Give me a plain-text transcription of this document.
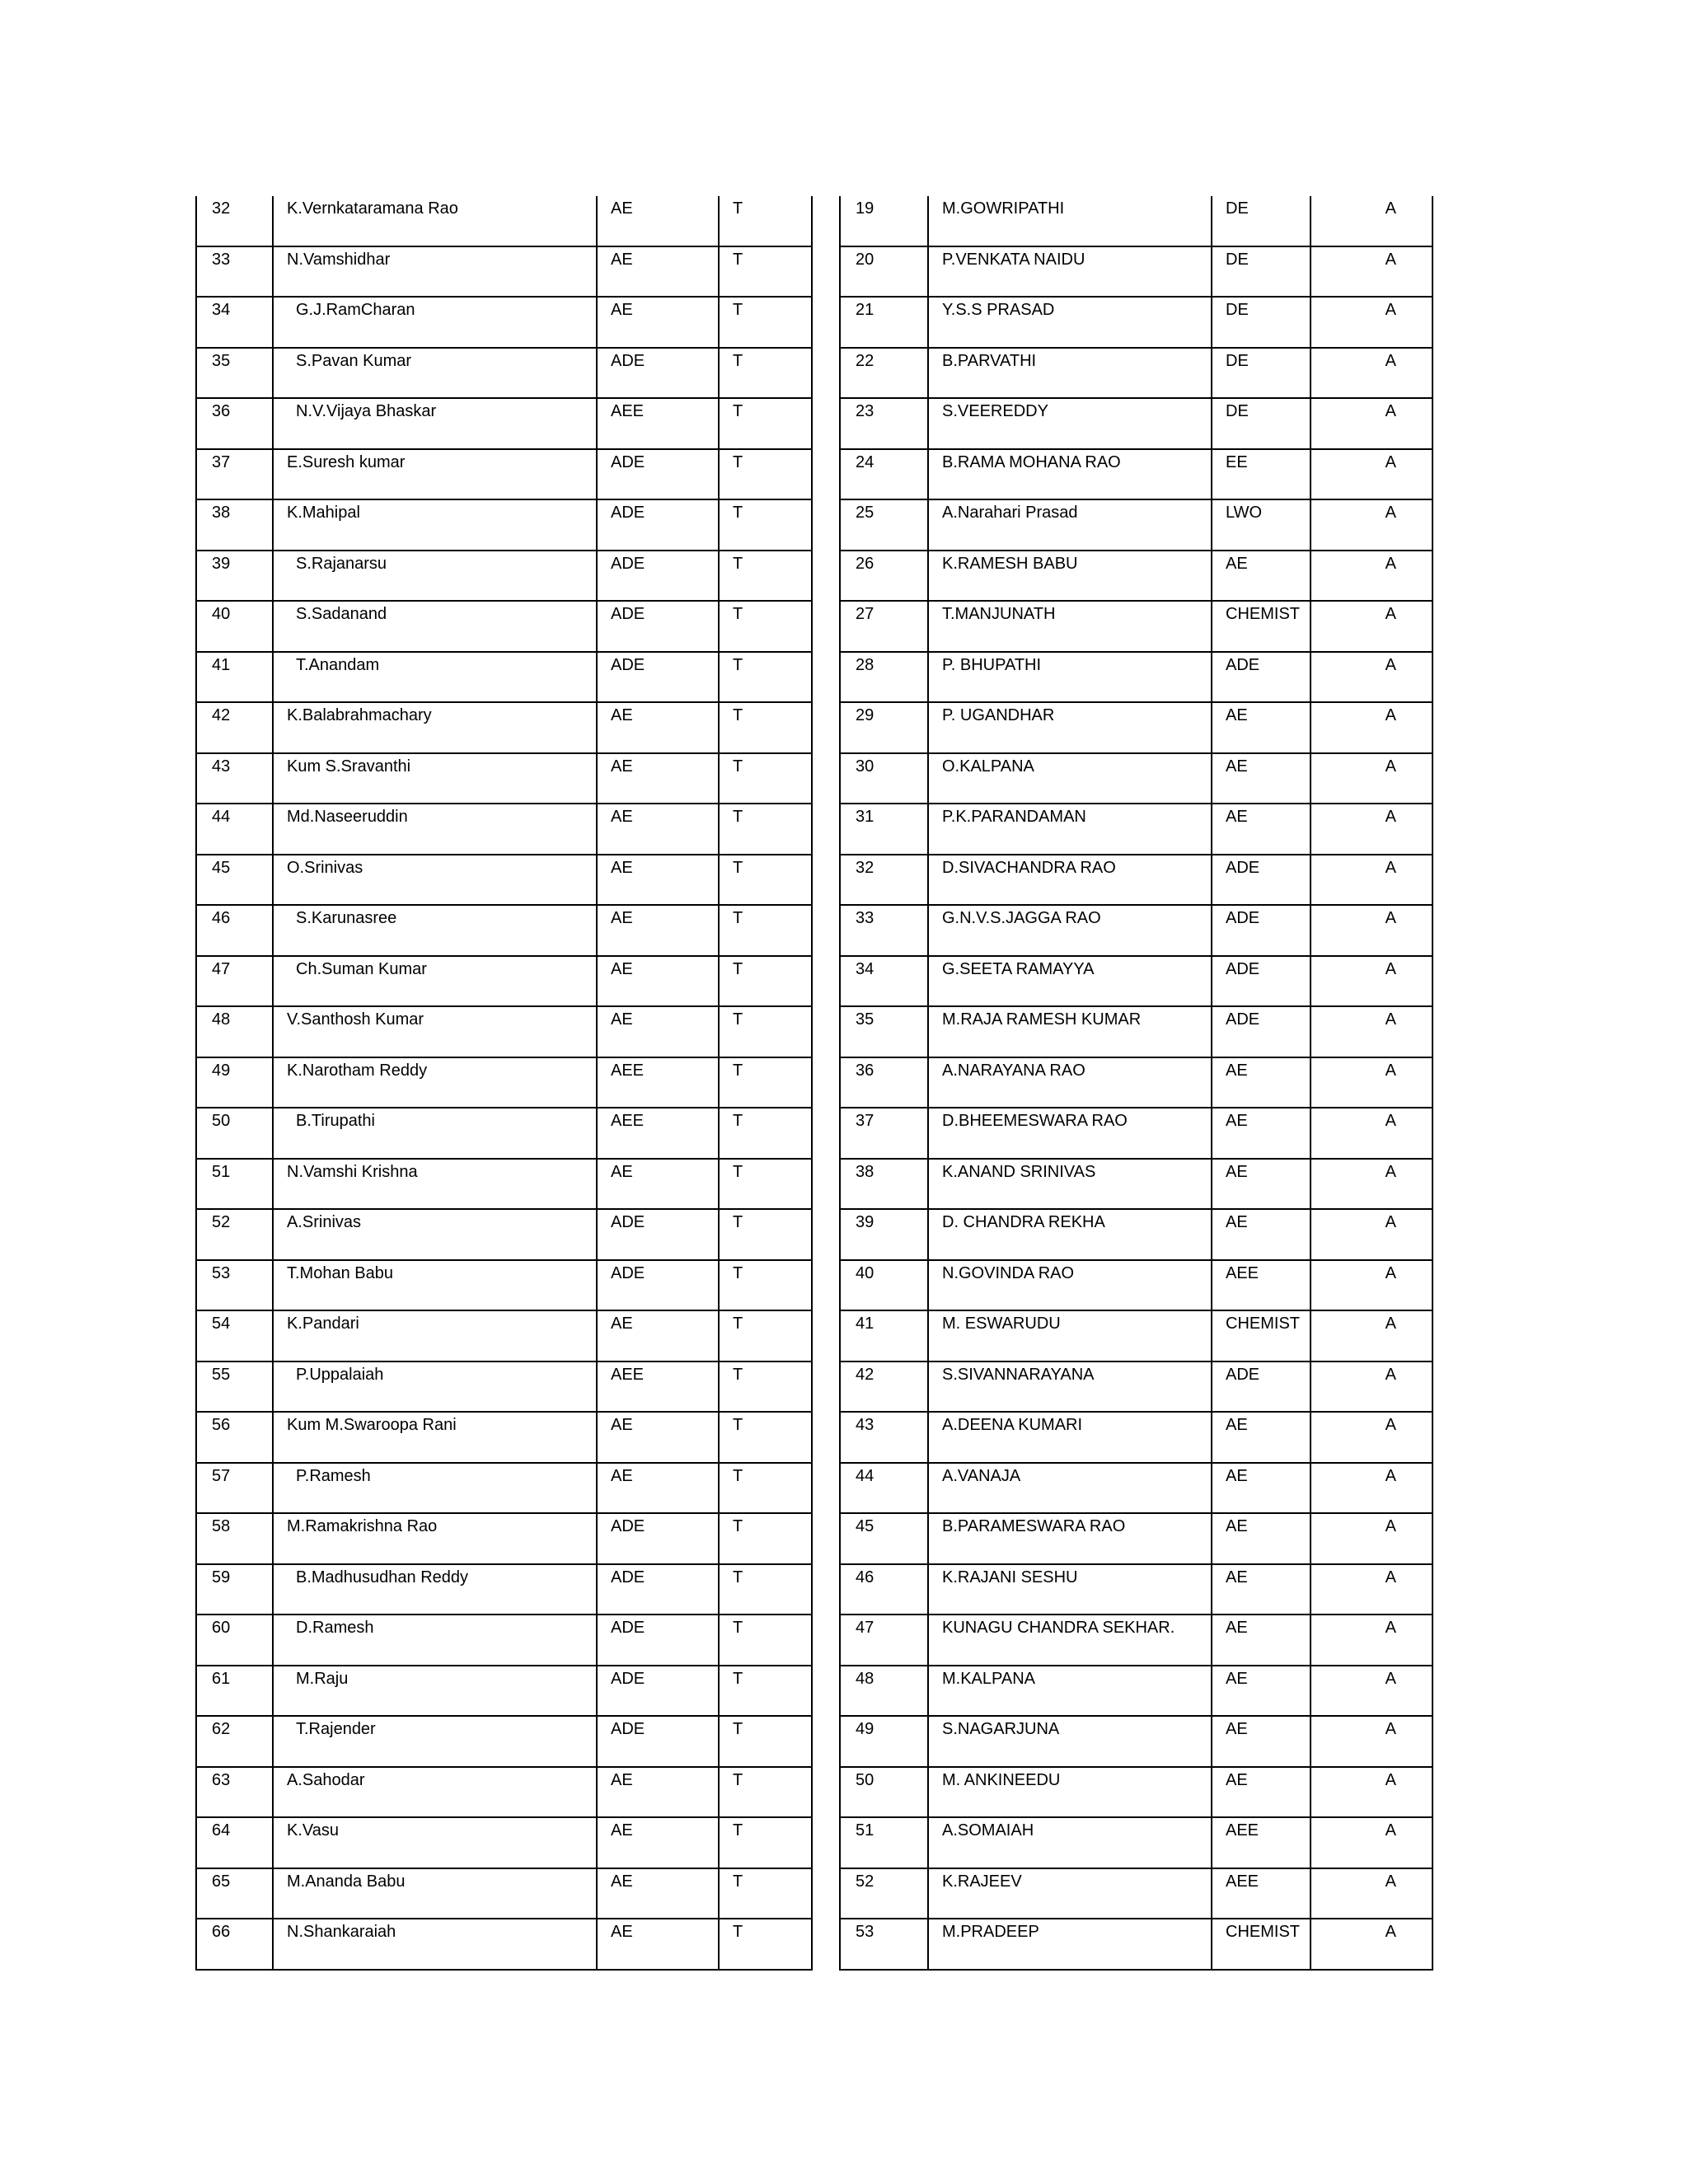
32	K.Vernkataramana Rao	AE	T

33	N.Vamshidhar	AE	T

34	G.J.RamCharan	AE	T

35	S.Pavan Kumar	ADE	T

36	N.V.Vijaya Bhaskar	AEE	T

37	E.Suresh kumar	ADE	T

38	K.Mahipal	ADE	T

39	S.Rajanarsu	ADE	T

40	S.Sadanand	ADE	T

41	T.Anandam	ADE	T

42	K.Balabrahmachary	AE	T

43	Kum S.Sravanthi	AE	T

44	Md.Naseeruddin	AE	T

45	O.Srinivas	AE	T

46	S.Karunasree	AE	T

47	Ch.Suman Kumar	AE	T

48	V.Santhosh Kumar	AE	T

49	K.Narotham Reddy	AEE	T

50	B.Tirupathi	AEE	T

51	N.Vamshi Krishna	AE	T

52	A.Srinivas	ADE	T

53	T.Mohan Babu	ADE	T

54	K.Pandari	AE	T

55	P.Uppalaiah	AEE	T

56	Kum M.Swaroopa Rani	AE	T

57	P.Ramesh	AE	T

58	M.Ramakrishna Rao	ADE	T

59	B.Madhusudhan Reddy	ADE	T

60	D.Ramesh	ADE	T

61	M.Raju	ADE	T

62	T.Rajender	ADE	T

63	A.Sahodar	AE	T

64	K.Vasu	AE	T

65	M.Ananda Babu	AE	T

66	N.Shankaraiah	AE	T
19	M.GOWRIPATHI	DE	A

20	P.VENKATA NAIDU	DE	A

21	Y.S.S PRASAD	DE	A

22	B.PARVATHI	DE	A

23	S.VEEREDDY	DE	A

24	B.RAMA MOHANA RAO	EE	A

25	A.Narahari Prasad	LWO	A

26	K.RAMESH BABU	AE	A

27	T.MANJUNATH	CHEMIST	A

28	P. BHUPATHI	ADE	A

29	P. UGANDHAR	AE	A

30	O.KALPANA	AE	A

31	P.K.PARANDAMAN	AE	A

32	D.SIVACHANDRA RAO	ADE	A

33	G.N.V.S.JAGGA RAO	ADE	A

34	G.SEETA RAMAYYA	ADE	A

35	M.RAJA RAMESH KUMAR	ADE	A

36	A.NARAYANA RAO	AE	A

37	D.BHEEMESWARA RAO	AE	A

38	K.ANAND SRINIVAS	AE	A

39	D. CHANDRA REKHA	AE	A

40	N.GOVINDA RAO	AEE	A

41	M. ESWARUDU	CHEMIST	A

42	S.SIVANNARAYANA	ADE	A

43	A.DEENA KUMARI	AE	A

44	A.VANAJA	AE	A

45	B.PARAMESWARA RAO	AE	A

46	K.RAJANI SESHU	AE	A

47	KUNAGU CHANDRA SEKHAR.	AE	A

48	M.KALPANA	AE	A

49	S.NAGARJUNA	AE	A

50	M. ANKINEEDU	AE	A

51	A.SOMAIAH	AEE	A

52	K.RAJEEV	AEE	A

53	M.PRADEEP	CHEMIST	A
